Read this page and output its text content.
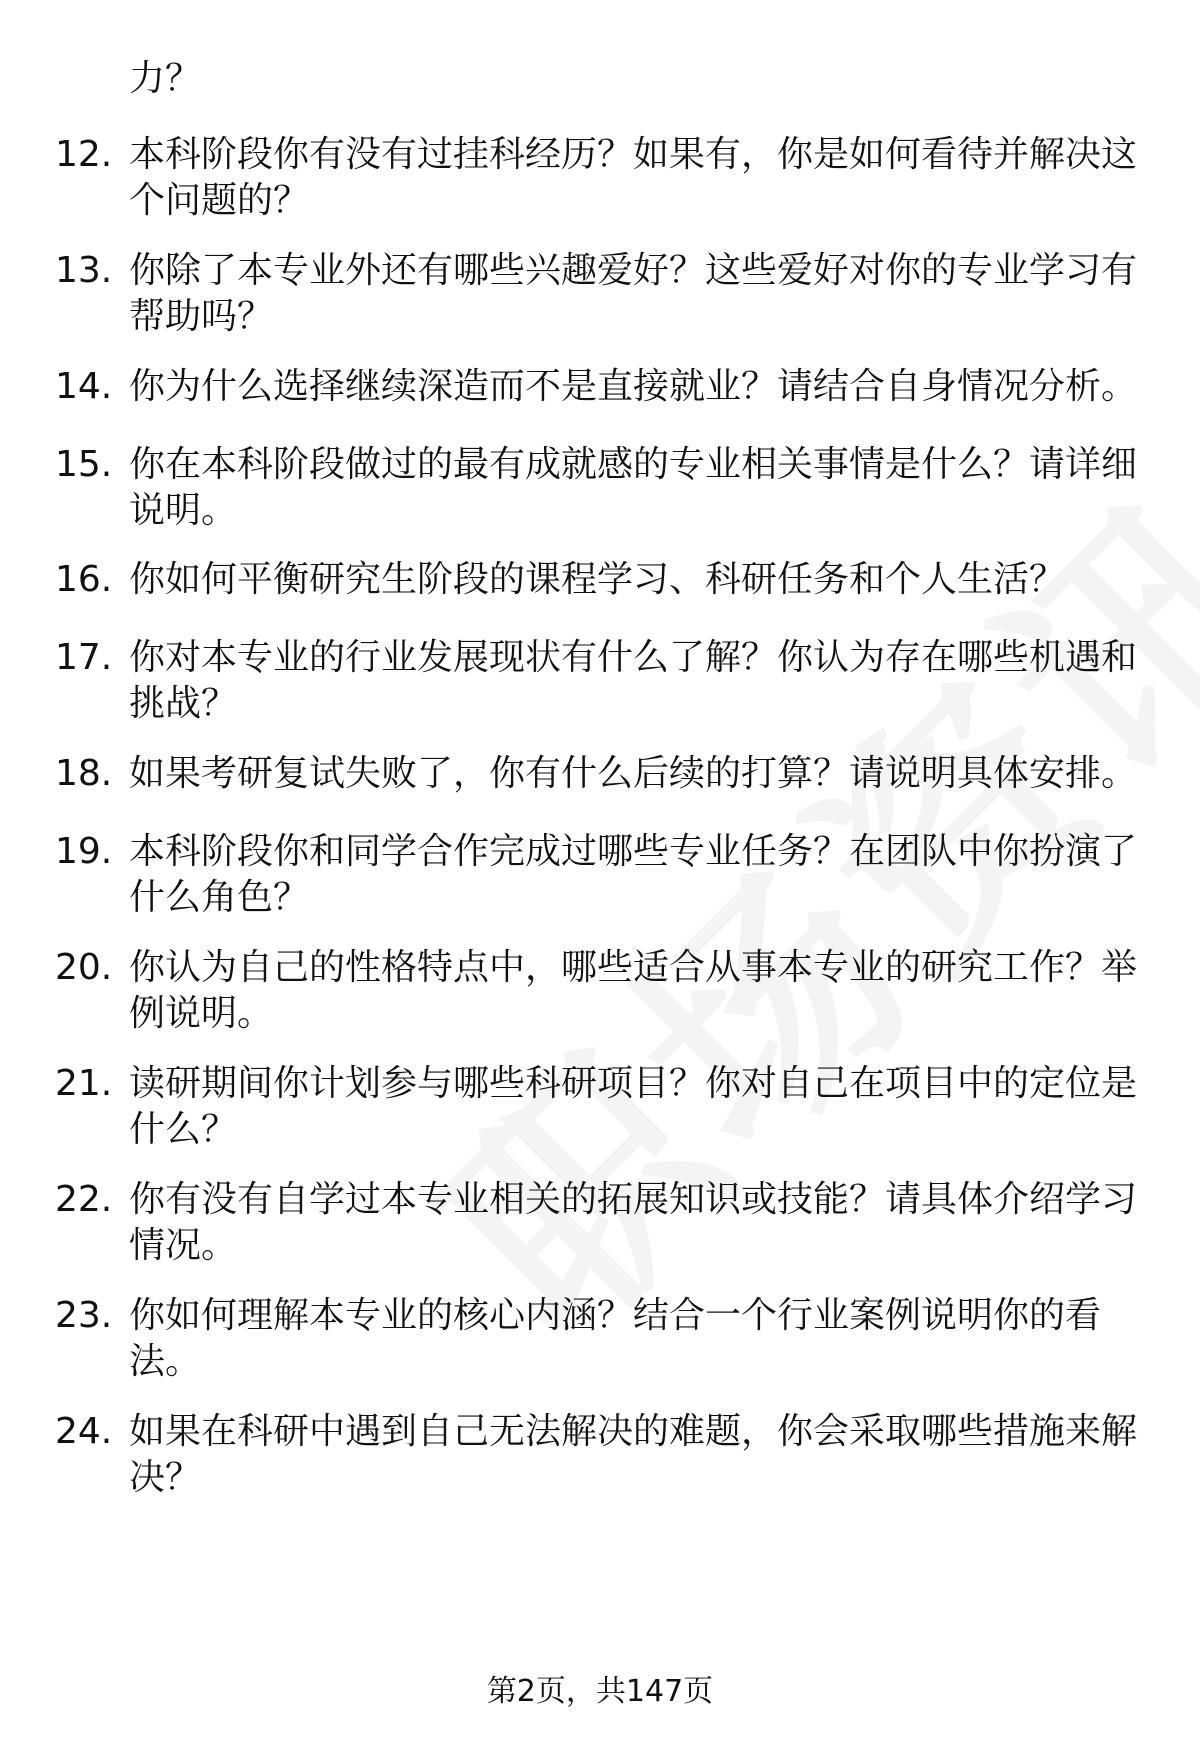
力？
12. 本科阶段你有没有过挂科经历？如果有，你是如何看待并解决这
个问题的？
13. 你除了本专业外还有哪些兴趣爱好？这些爱好对你的专业学习有
帮助吗？
14. 你为什么选择继续深造而不是直接就业？请结合自身情况分析。
15. 你在本科阶段做过的最有成就感的专业相关事情是什么？请详细
说明。
16. 你如何平衡研究生阶段的课程学习、科研任务和个人生活？
17. 你对本专业的行业发展现状有什么了解？你认为存在哪些机遇和
挑战？
18. 如果考研复试失败了，你有什么后续的打算？请说明具体安排。
19. 本科阶段你和同学合作完成过哪些专业任务？在团队中你扮演了
什么角色？
20. 你认为自己的性格特点中，哪些适合从事本专业的研究工作？举
例说明。
21. 读研期间你计划参与哪些科研项目？你对自己在项目中的定位是
什么？
22. 你有没有自学过本专业相关的拓展知识或技能？请具体介绍学习
情况。
23. 你如何理解本专业的核心内涵？结合一个行业案例说明你的看
法。
24. 如果在科研中遇到自己无法解决的难题，你会采取哪些措施来解
决？
第2页，共147页
